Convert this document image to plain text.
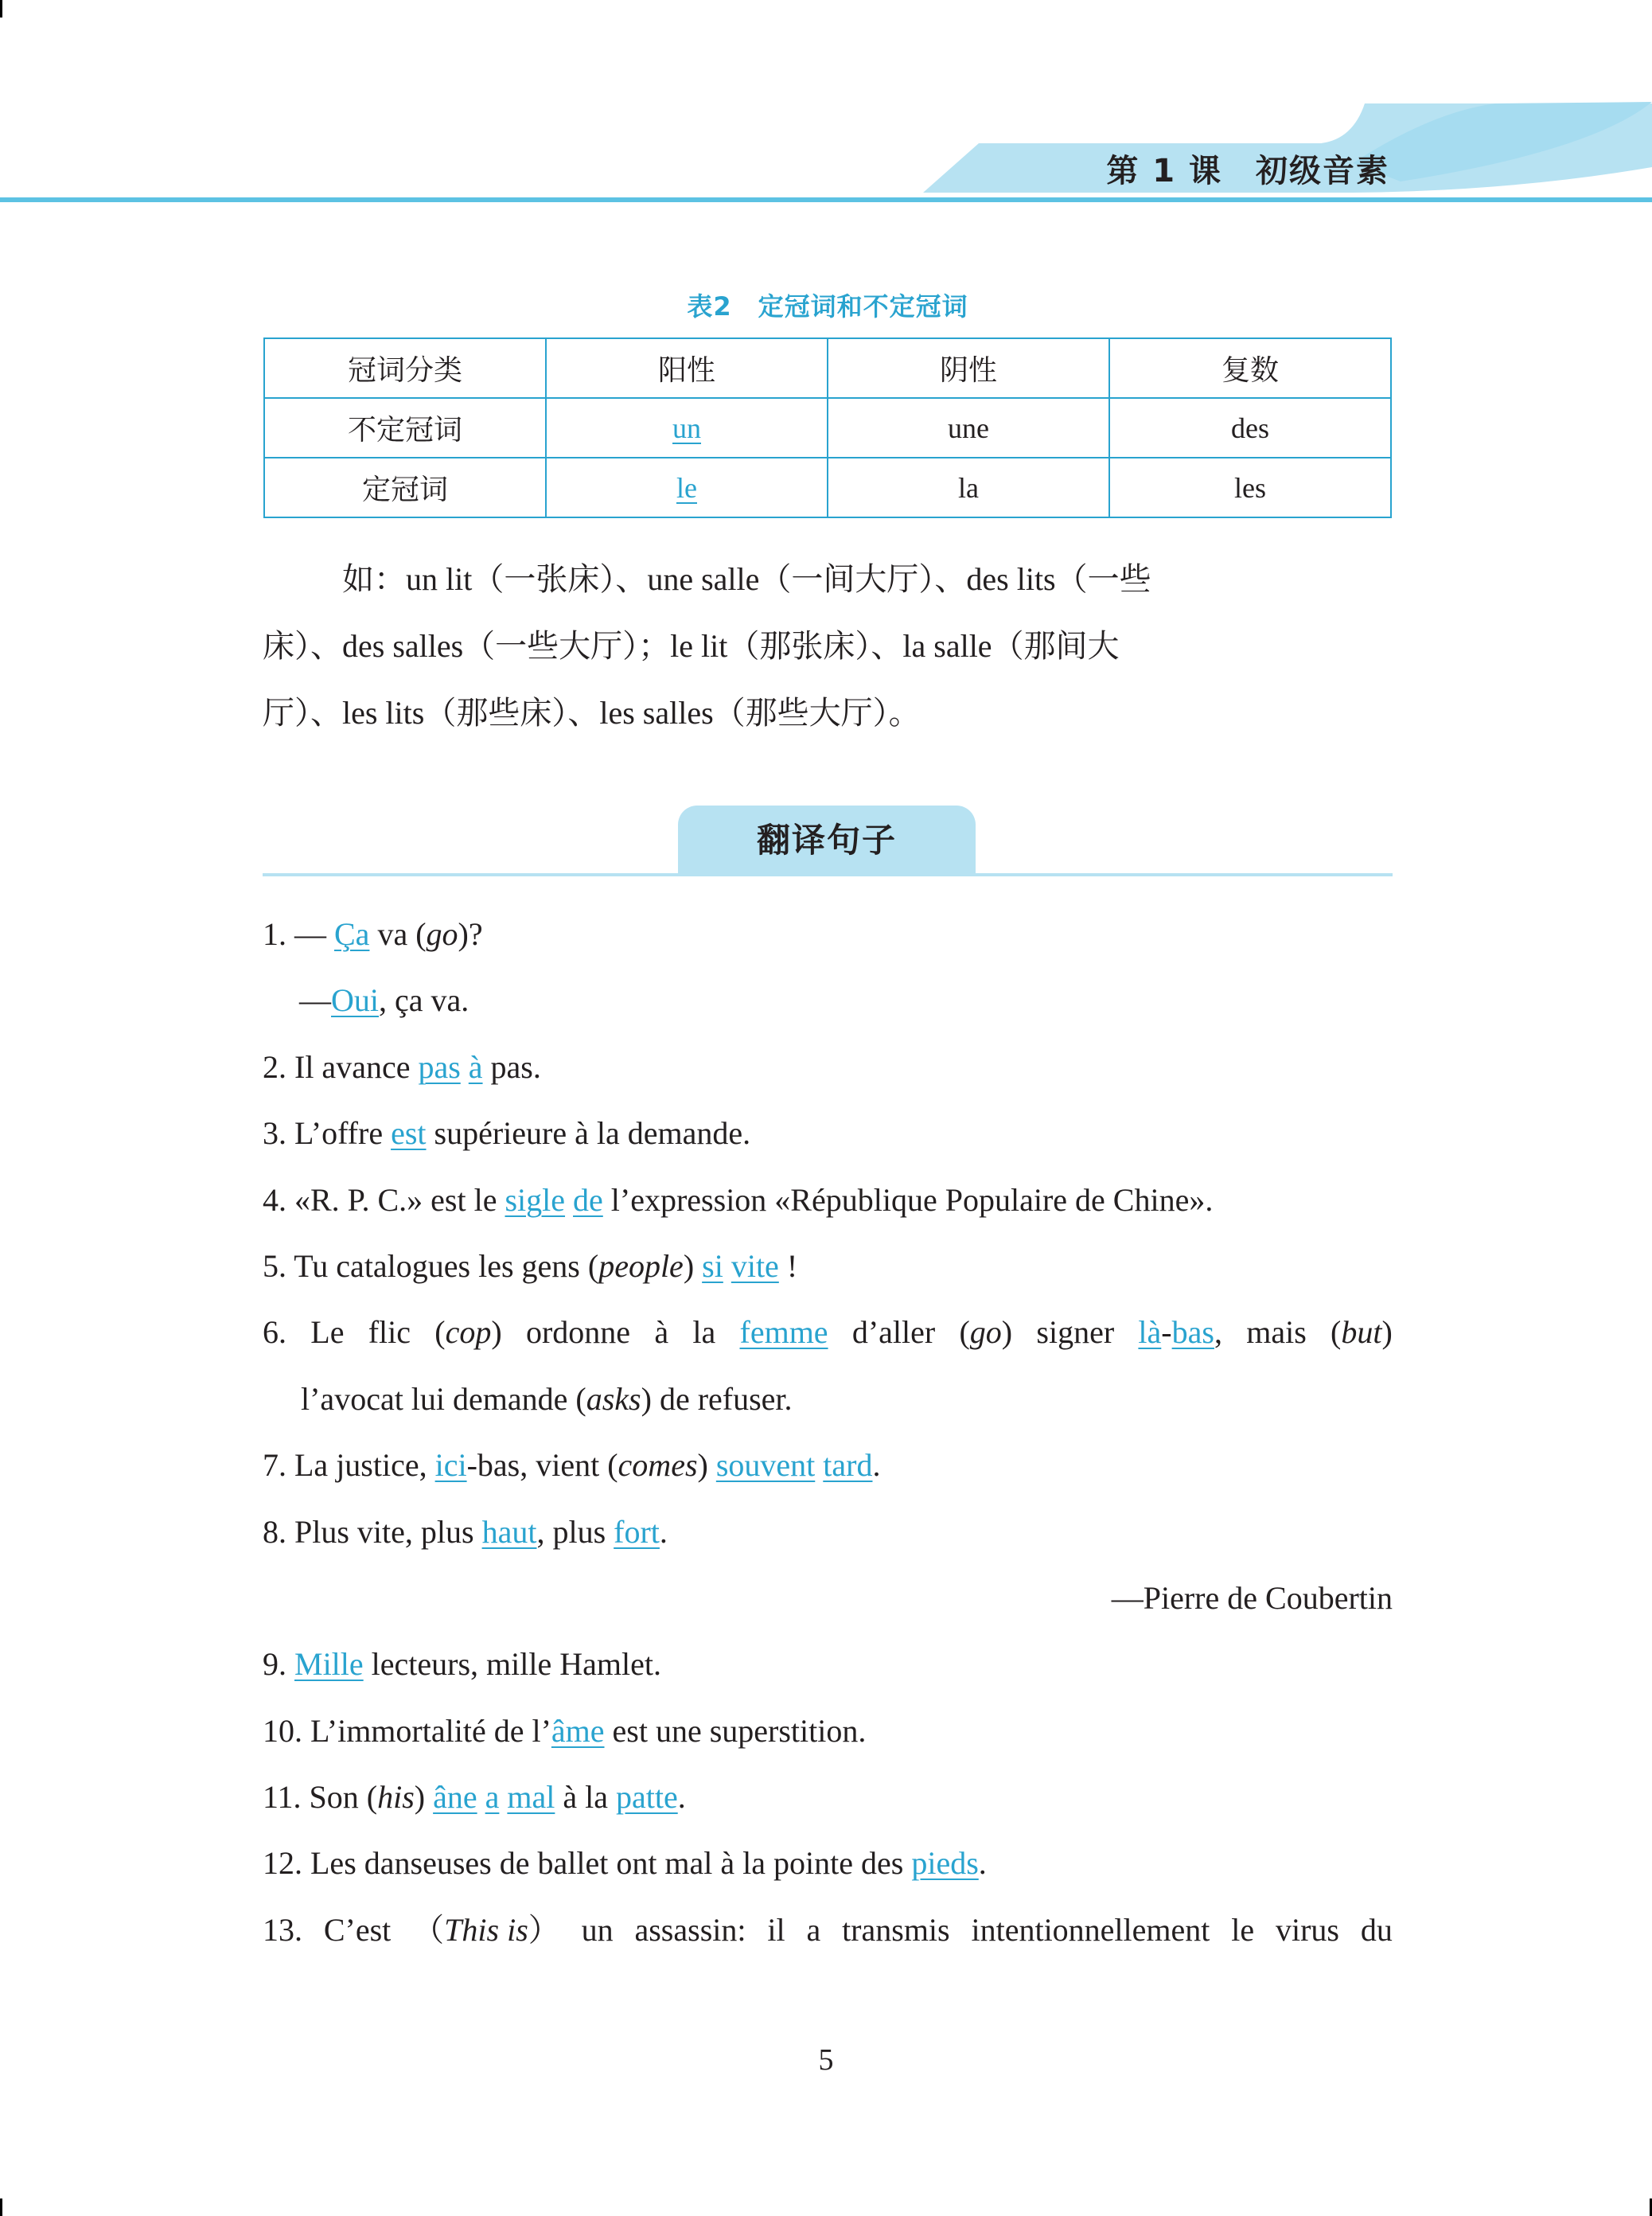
第 1 课　初级音素
表2　定冠词和不定冠词
冠词分类	阳性	阴性	复数
不定冠词	un	une	des
定冠词	le	la	les
如：un lit（一张床）、une salle（一间大厅）、des lits（一些
床）、des salles（一些大厅）；le lit（那张床）、la salle（那间大
厅）、les lits（那些床）、les salles（那些大厅）。
翻译句子
1. — Ça va (go)?
—Oui, ça va.
2. Il avance pas à pas.
3. L’offre est supérieure à la demande.
4. «R. P. C.» est le sigle de l’expression «République Populaire de Chine».
5. Tu catalogues les gens (people) si vite !
6. Le flic (cop) ordonne à la femme d’aller (go) signer là-bas, mais (but)
l’avocat lui demande (asks) de refuser.
7. La justice, ici-bas, vient (comes) souvent tard.
8. Plus vite, plus haut, plus fort.
—Pierre de Coubertin
9. Mille lecteurs, mille Hamlet.
10. L’immortalité de l’âme est une superstition.
11. Son (his) âne a mal à la patte.
12. Les danseuses de ballet ont mal à la pointe des pieds.
13. C’est （This is） un assassin: il a transmis intentionnellement le virus du
5
